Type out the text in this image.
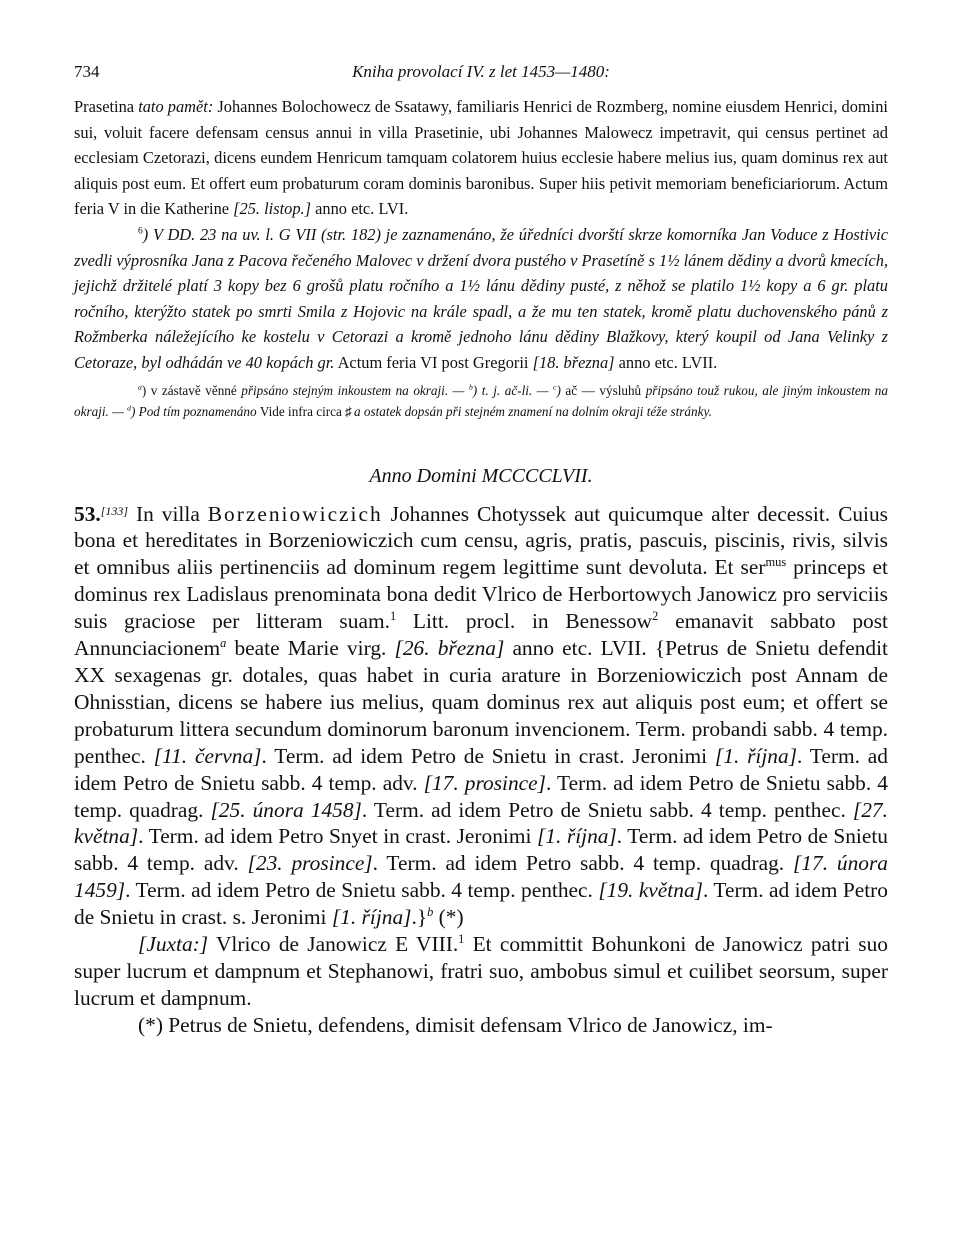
734	Kniha provolací IV. z let 1453—1480:

Prasetina tato pamět: Johannes Bolochowecz de Ssatawy, familiaris Henrici de Rozmberg, nomine eiusdem Henrici, domini sui, voluit facere defensam census annui in villa Prasetinie, ubi Johannes Malowecz impetravit, qui census pertinet ad ecclesiam Czetorazi, dicens eundem Henricum tamquam colatorem huius ecclesie habere melius ius, quam dominus rex aut aliquis post eum. Et offert eum probaturum coram dominis baronibus. Super hiis petivit memoriam beneficiariorum. Actum feria V in die Katherine [25. listop.] anno etc. LVI.

$^6$) V DD. 23 na uv. l. G VII (str. 182) je zaznamenáno, že úředníci dvorští skrze komorníka Jan Voduce z Hostivic zvedli výprosníka Jana z Pacova řečeného Malovec v držení dvora pustého v Prasetíně s 1½ lánem dědiny a dvorů kmecích, jejichž držitelé platí 3 kopy bez 6 grošů platu ročního a 1½ lánu dědiny pusté, z něhož se platilo 1½ kopy a 6 gr. platu ročního, kterýžto statek po smrti Smila z Hojovic na krále spadl, a že mu ten statek, kromě platu duchovenského pánů z Rožmberka náležejícího ke kostelu v Cetorazi a kromě jednoho lánu dědiny Blažkovy, který koupil od Jana Velinky z Cetoraze, byl odhádán ve 40 kopách gr. Actum feria VI post Gregorii [18. března] anno etc. LVII.

$^a$) v zástavě věnné připsáno stejným inkoustem na okraji. — $^b$) t. j. ač-li. — $^c$) ač — výsluhů připsáno touž rukou, ale jiným inkoustem na okraji. — $^d$) Pod tím poznamenáno Vide infra circa ♯ a ostatek dopsán při stejném znamení na dolním okraji téže stránky.

Anno Domini MCCCCLVII.

53.[133] In villa Borzeniowiczich Johannes Chotyssek aut quicumque alter decessit. Cuius bona et hereditates in Borzeniowiczich cum censu, agris, pratis, pascuis, piscinis, rivis, silvis et omnibus aliis pertinenciis ad dominum regem legittime sunt devoluta. Et ser$^{mus}$ princeps et dominus rex Ladislaus prenominata bona dedit Vlrico de Herbortowych Janowicz pro serviciis suis graciose per litteram suam.$^1$ Litt. procl. in Benessow$^2$ emanavit sabbato post Annunciacionem$^a$ beate Marie virg. [26. března] anno etc. LVII. {Petrus de Snietu defendit XX sexagenas gr. dotales, quas habet in curia arature in Borzeniowiczich post Annam de Ohnisstian, dicens se habere ius melius, quam dominus rex aut aliquis post eum; et offert se probaturum littera secundum dominorum baronum invencionem. Term. probandi sabb. 4 temp. penthec. [11. června]. Term. ad idem Petro de Snietu in crast. Jeronimi [1. října]. Term. ad idem Petro de Snietu sabb. 4 temp. adv. [17. prosince]. Term. ad idem Petro de Snietu sabb. 4 temp. quadrag. [25. února 1458]. Term. ad idem Petro de Snietu sabb. 4 temp. penthec. [27. května]. Term. ad idem Petro Snyet in crast. Jeronimi [1. října]. Term. ad idem Petro de Snietu sabb. 4 temp. adv. [23. prosince]. Term. ad idem Petro sabb. 4 temp. quadrag. [17. února 1459]. Term. ad idem Petro de Snietu sabb. 4 temp. penthec. [19. května]. Term. ad idem Petro de Snietu in crast. s. Jeronimi [1. října].}$^b$ (*)

[Juxta:] Vlrico de Janowicz E VIII.$^1$ Et committit Bohunkoni de Janowicz patri suo super lucrum et dampnum et Stephanowi, fratri suo, ambobus simul et cuilibet seorsum, super lucrum et dampnum.

(*) Petrus de Snietu, defendens, dimisit defensam Vlrico de Janowicz, im-
